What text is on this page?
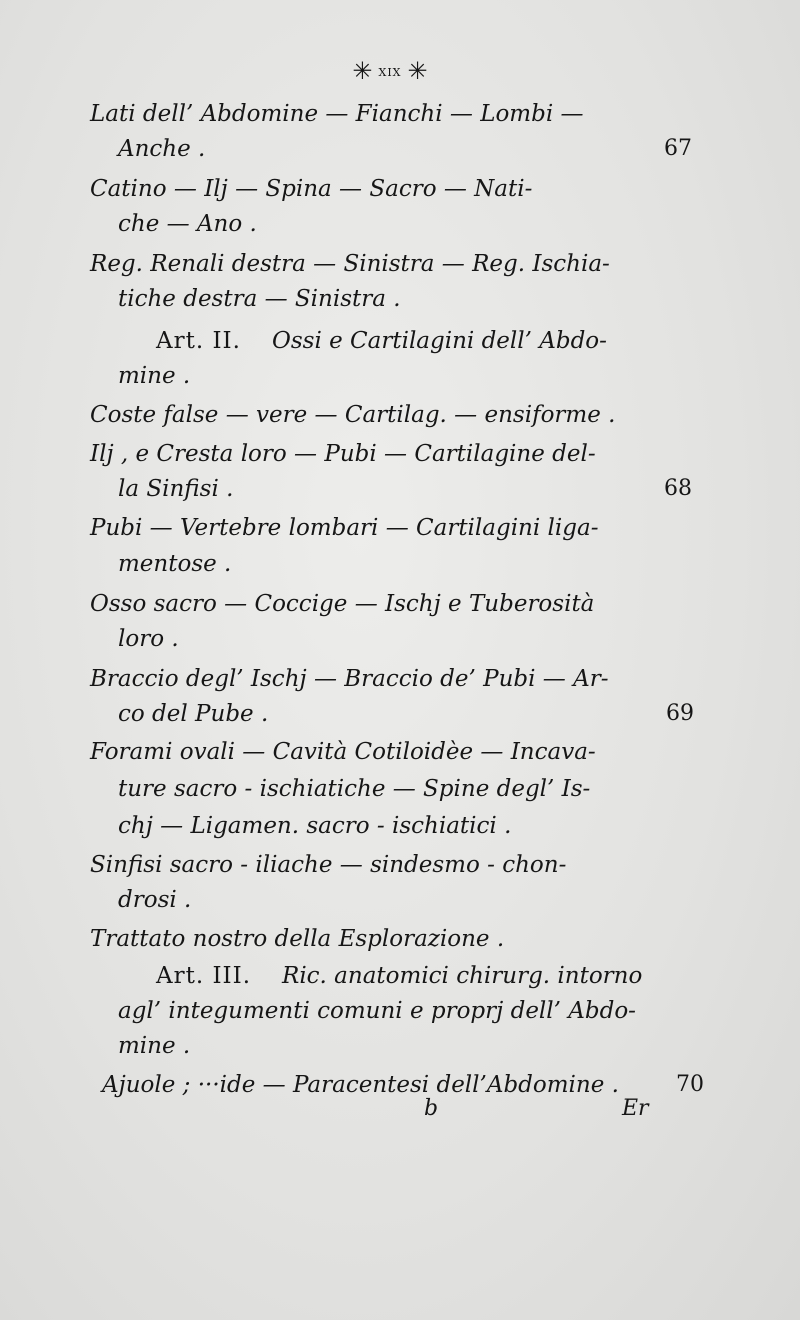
✳ xix ✳
Lati dell’ Abdomine — Fianchi — Lombi —
Anche .	67
Catino — Ilj — Spina — Sacro — Nati-
che — Ano .
Reg. Renali destra — Sinistra — Reg. Ischia-
tiche destra — Sinistra .
Art. II. Ossi e Cartilagini dell’ Abdo-
mine .
Coste false — vere — Cartilag. — ensiforme .
Ilj , e Cresta loro — Pubi — Cartilagine del-
la Sinfisi .	68
Pubi — Vertebre lombari — Cartilagini liga-
mentose .
Osso sacro — Coccige — Ischj e Tuberosità
loro .
Braccio degl’ Ischj — Braccio de’ Pubi — Ar-
co del Pube .	69
Forami ovali — Cavità Cotiloidèe — Incava-
ture sacro - ischiatiche — Spine degl’ Is-
chj — Ligamen. sacro - ischiatici .
Sinfisi sacro - iliache — sindesmo - chon-
drosi .
Trattato nostro della Esplorazione .
Art. III. Ric. anatomici chirurg. intorno
agl’ integumenti comuni e proprj dell’ Abdo-
mine .
Ajuole ; ···ide — Paracentesi dell’Abdomine .	70
b	Er
